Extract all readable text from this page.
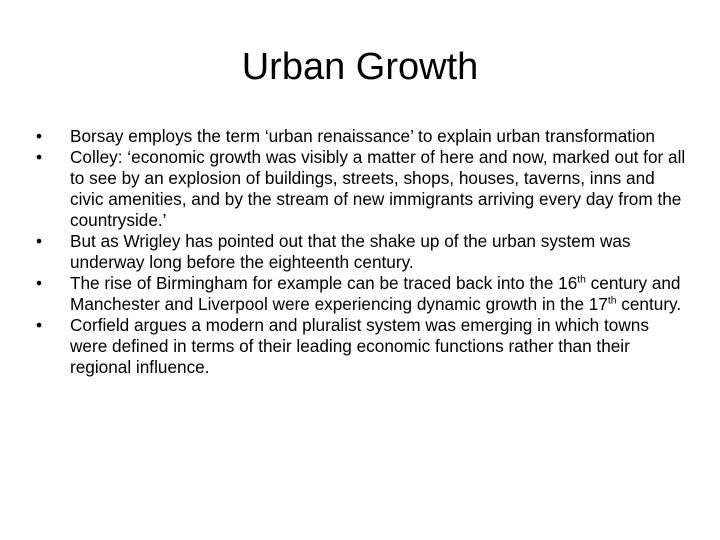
Urban Growth
•	Borsay employs the term ‘urban renaissance’ to explain urban transformation
•	Colley: ‘economic growth was visibly a matter of here and now, marked out for all to see by an explosion of buildings, streets, shops, houses, taverns, inns and civic amenities, and by the stream of new immigrants arriving every day from the countryside.’
•	But as Wrigley has pointed out that the shake up of the urban system was underway long before the eighteenth century.
•	The rise of Birmingham for example can be traced back into the 16th century and Manchester and Liverpool were experiencing dynamic growth in the 17th century.
•	Corfield argues a modern and pluralist system was emerging in which towns were defined in terms of their leading economic functions rather than their regional influence.
